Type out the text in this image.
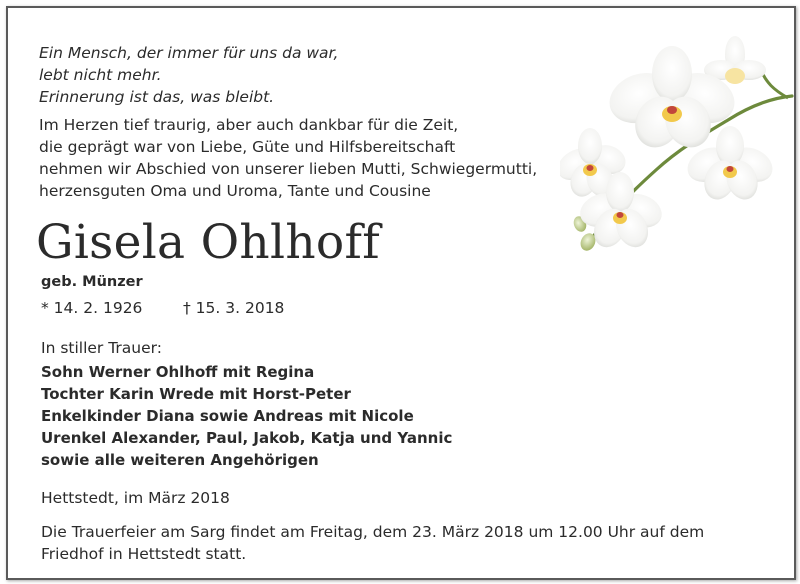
Ein Mensch, der immer für uns da war,
lebt nicht mehr.
Erinnerung ist das, was bleibt.
Im Herzen tief traurig, aber auch dankbar für die Zeit,
die geprägt war von Liebe, Güte und Hilfsbereitschaft
nehmen wir Abschied von unserer lieben Mutti, Schwiegermutti,
herzensguten Oma und Uroma, Tante und Cousine
Gisela Ohlhoff
geb. Münzer
* 14. 2. 1926	† 15. 3. 2018
In stiller Trauer:
Sohn Werner Ohlhoff mit Regina
Tochter Karin Wrede mit Horst-Peter
Enkelkinder Diana sowie Andreas mit Nicole
Urenkel Alexander, Paul, Jakob, Katja und Yannic
sowie alle weiteren Angehörigen
Hettstedt, im März 2018
Die Trauerfeier am Sarg findet am Freitag, dem 23. März 2018 um 12.00 Uhr auf dem
Friedhof in Hettstedt statt.
